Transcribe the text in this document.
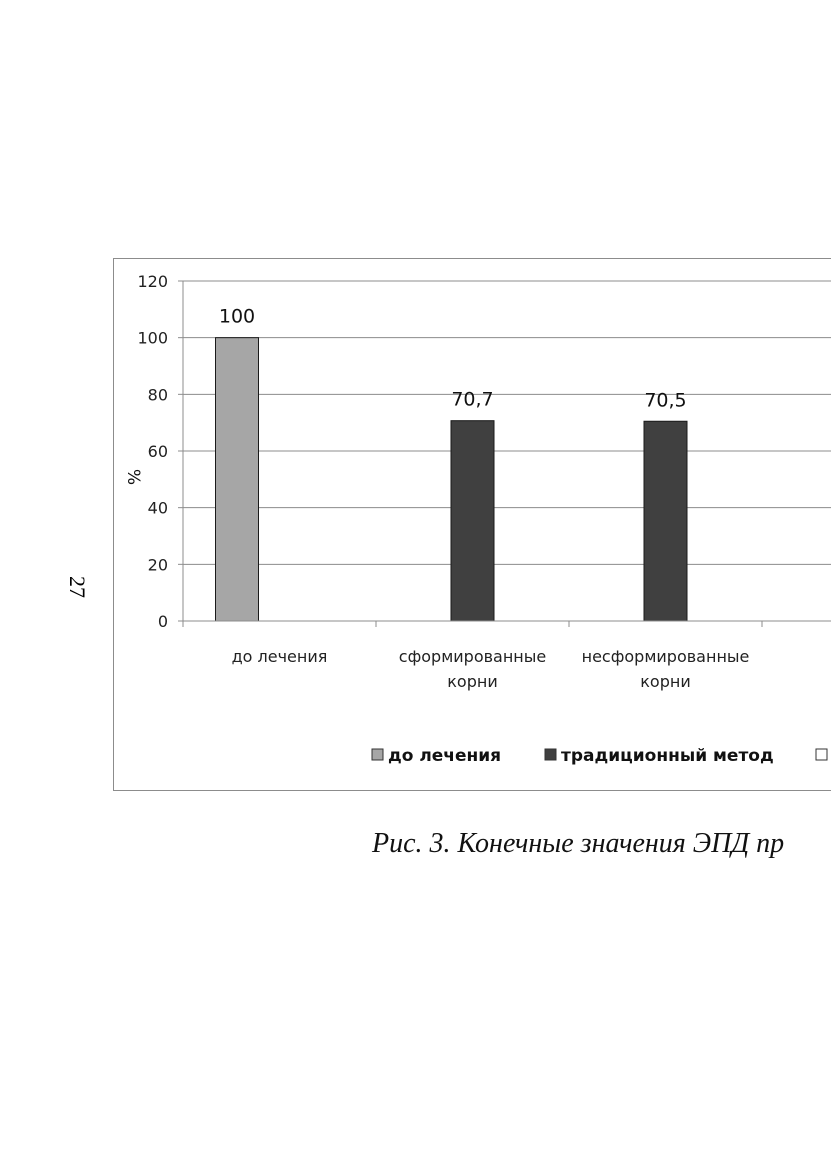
27
0
20
40
60
80
100
120
100
70,7	70,5
до лечения	сформированные
корни
несформированные
корни
%
до лечения	традиционный метод
Рис. 3. Конечные значения ЭПД пр
